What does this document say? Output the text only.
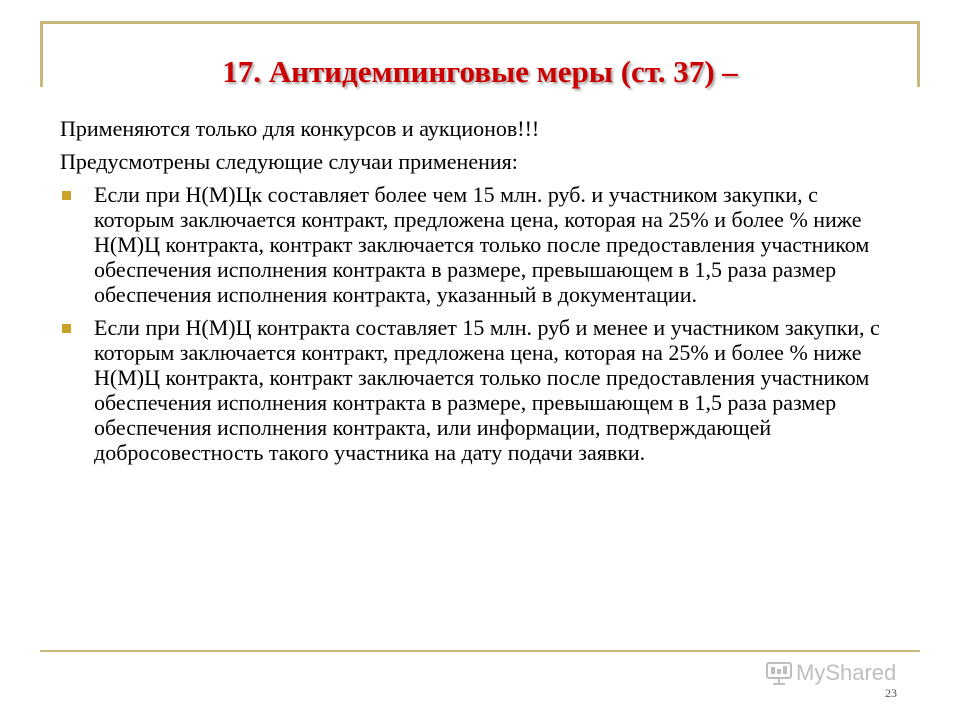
17. Антидемпинговые меры (ст. 37) –

Применяются только для конкурсов и аукционов!!!

Предусмотрены следующие случаи применения:

Если при Н(М)Цк составляет более чем 15 млн. руб. и участником закупки, с которым заключается контракт, предложена цена, которая на 25% и более % ниже Н(М)Ц контракта, контракт заключается только после предоставления участником обеспечения исполнения контракта в размере, превышающем в 1,5 раза размер обеспечения исполнения контракта, указанный в документации.
Если при Н(М)Ц контракта составляет 15 млн. руб и менее и участником закупки, с которым заключается контракт, предложена цена, которая на 25% и более % ниже Н(М)Ц контракта, контракт заключается только после предоставления участником обеспечения исполнения контракта в размере, превышающем в 1,5 раза размер обеспечения исполнения контракта, или информации, подтверждающей добросовестность такого участника на дату подачи заявки.
MyShared
23
